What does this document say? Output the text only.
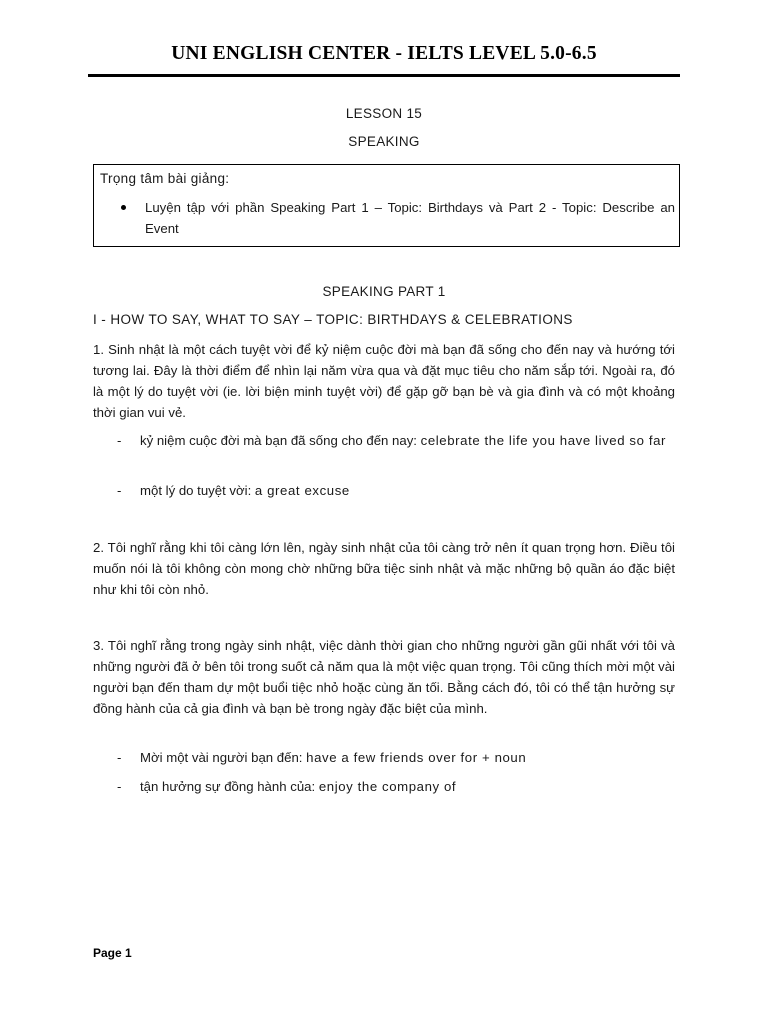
UNI ENGLISH CENTER - IELTS LEVEL 5.0-6.5
LESSON 15
SPEAKING
Trọng tâm bài giảng:
Luyện tập với phần Speaking Part 1 – Topic: Birthdays và Part 2 - Topic: Describe an Event
SPEAKING PART 1
I - HOW TO SAY, WHAT TO SAY – TOPIC: BIRTHDAYS & CELEBRATIONS
1. Sinh nhật là một cách tuyệt vời để kỷ niệm cuộc đời mà bạn đã sống cho đến nay và hướng tới tương lai. Đây là thời điểm để nhìn lại năm vừa qua và đặt mục tiêu cho năm sắp tới. Ngoài ra, đó là một lý do tuyệt vời (ie. lời biện minh tuyệt vời) để gặp gỡ bạn bè và gia đình và có một khoảng thời gian vui vẻ.
- kỷ niệm cuộc đời mà bạn đã sống cho đến nay: celebrate the life you have lived so far
- một lý do tuyệt vời: a great excuse
2. Tôi nghĩ rằng khi tôi càng lớn lên, ngày sinh nhật của tôi càng trở nên ít quan trọng hơn. Điều tôi muốn nói là tôi không còn mong chờ những bữa tiệc sinh nhật và mặc những bộ quần áo đặc biệt như khi tôi còn nhỏ.
3. Tôi nghĩ rằng trong ngày sinh nhật, việc dành thời gian cho những người gần gũi nhất với tôi và những người đã ở bên tôi trong suốt cả năm qua là một việc quan trọng. Tôi cũng thích mời một vài người bạn đến tham dự một buổi tiệc nhỏ hoặc cùng ăn tối. Bằng cách đó, tôi có thể tận hưởng sự đồng hành của cả gia đình và bạn bè trong ngày đặc biệt của mình.
- Mời một vài người bạn đến: have a few friends over for + noun
- tận hưởng sự đồng hành của: enjoy the company of
Page 1
